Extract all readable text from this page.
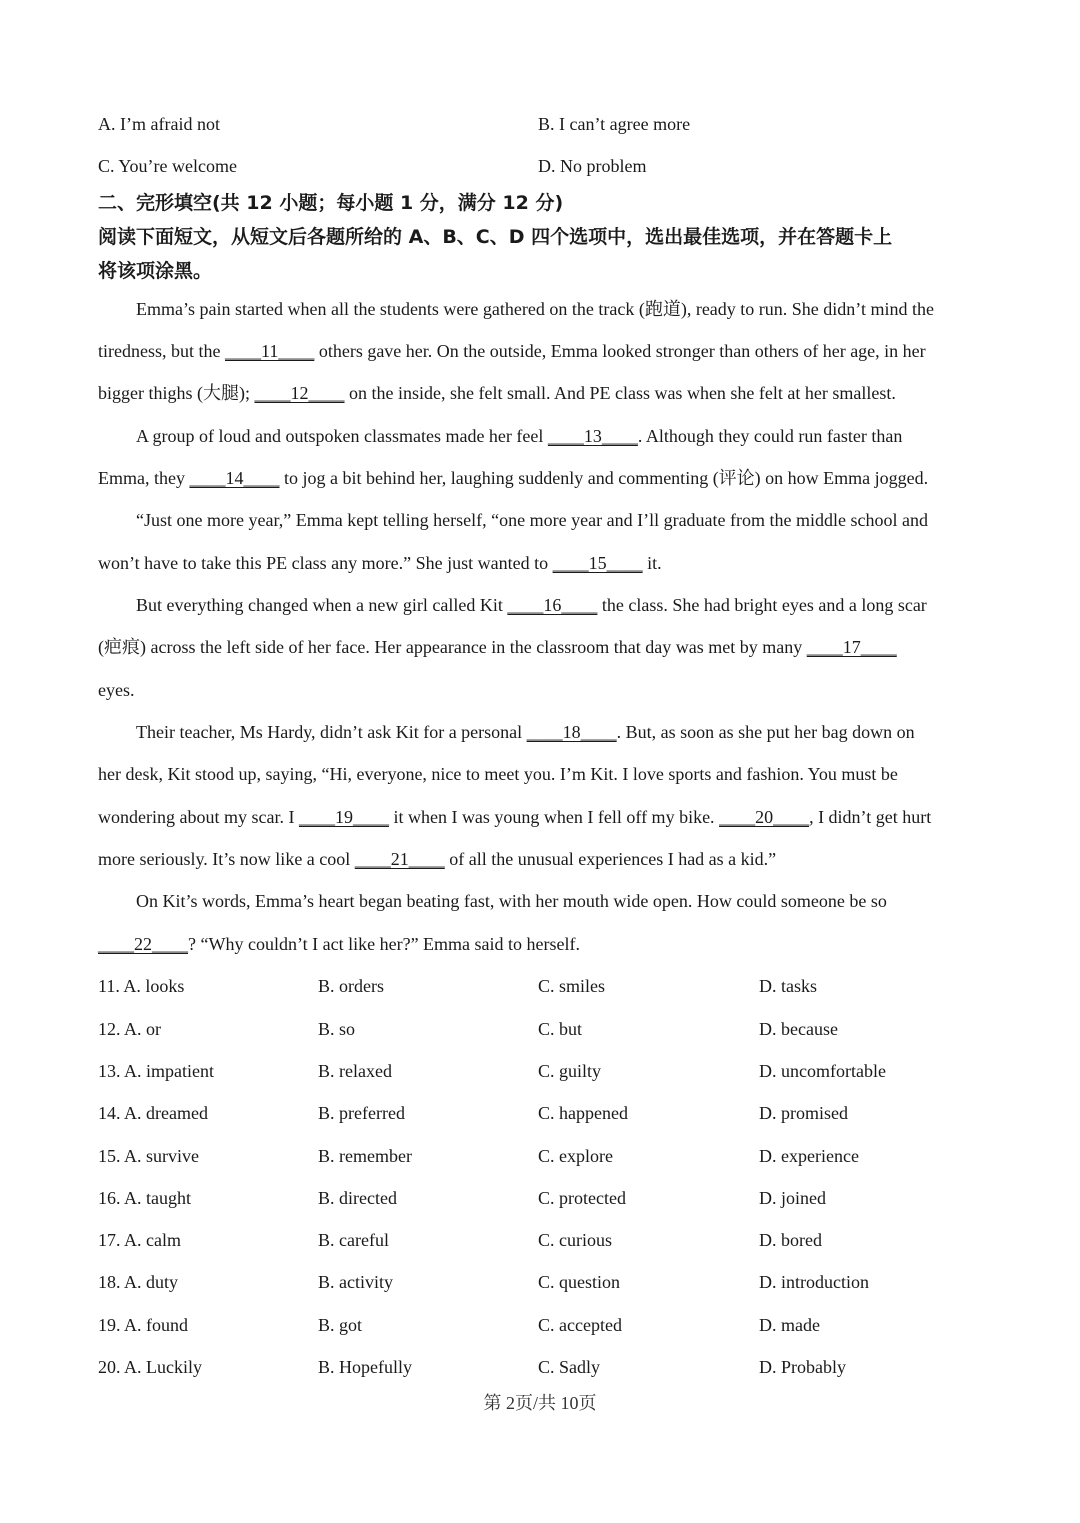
A. I’m afraid not	B. I can’t agree more
C. You’re welcome	D. No problem
二、完形填空(共 12 小题；每小题 1 分，满分 12 分)
阅读下面短文，从短文后各题所给的 A、B、C、D 四个选项中，选出最佳选项，并在答题卡上
将该项涂黑。
Emma’s pain started when all the students were gathered on the track (跑道), ready to run. She didn’t mind the
tiredness, but the ____11____ others gave her. On the outside, Emma looked stronger than others of her age, in her
bigger thighs (大腿); ____12____ on the inside, she felt small. And PE class was when she felt at her smallest.
A group of loud and outspoken classmates made her feel ____13____. Although they could run faster than
Emma, they ____14____ to jog a bit behind her, laughing suddenly and commenting (评论) on how Emma jogged.
“Just one more year,” Emma kept telling herself, “one more year and I’ll graduate from the middle school and
won’t have to take this PE class any more.” She just wanted to ____15____ it.
But everything changed when a new girl called Kit ____16____ the class. She had bright eyes and a long scar
(疤痕) across the left side of her face. Her appearance in the classroom that day was met by many ____17____
eyes.
Their teacher, Ms Hardy, didn’t ask Kit for a personal ____18____. But, as soon as she put her bag down on
her desk, Kit stood up, saying, “Hi, everyone, nice to meet you. I’m Kit. I love sports and fashion. You must be
wondering about my scar. I ____19____ it when I was young when I fell off my bike. ____20____, I didn’t get hurt
more seriously. It’s now like a cool ____21____ of all the unusual experiences I had as a kid.”
On Kit’s words, Emma’s heart began beating fast, with her mouth wide open. How could someone be so
____22____? “Why couldn’t I act like her?” Emma said to herself.
11. A. looks	B. orders	C. smiles	D. tasks
12. A. or	B. so	C. but	D. because
13. A. impatient	B. relaxed	C. guilty	D. uncomfortable
14. A. dreamed	B. preferred	C. happened	D. promised
15. A. survive	B. remember	C. explore	D. experience
16. A. taught	B. directed	C. protected	D. joined
17. A. calm	B. careful	C. curious	D. bored
18. A. duty	B. activity	C. question	D. introduction
19. A. found	B. got	C. accepted	D. made
20. A. Luckily	B. Hopefully	C. Sadly	D. Probably
第 2页/共 10页
